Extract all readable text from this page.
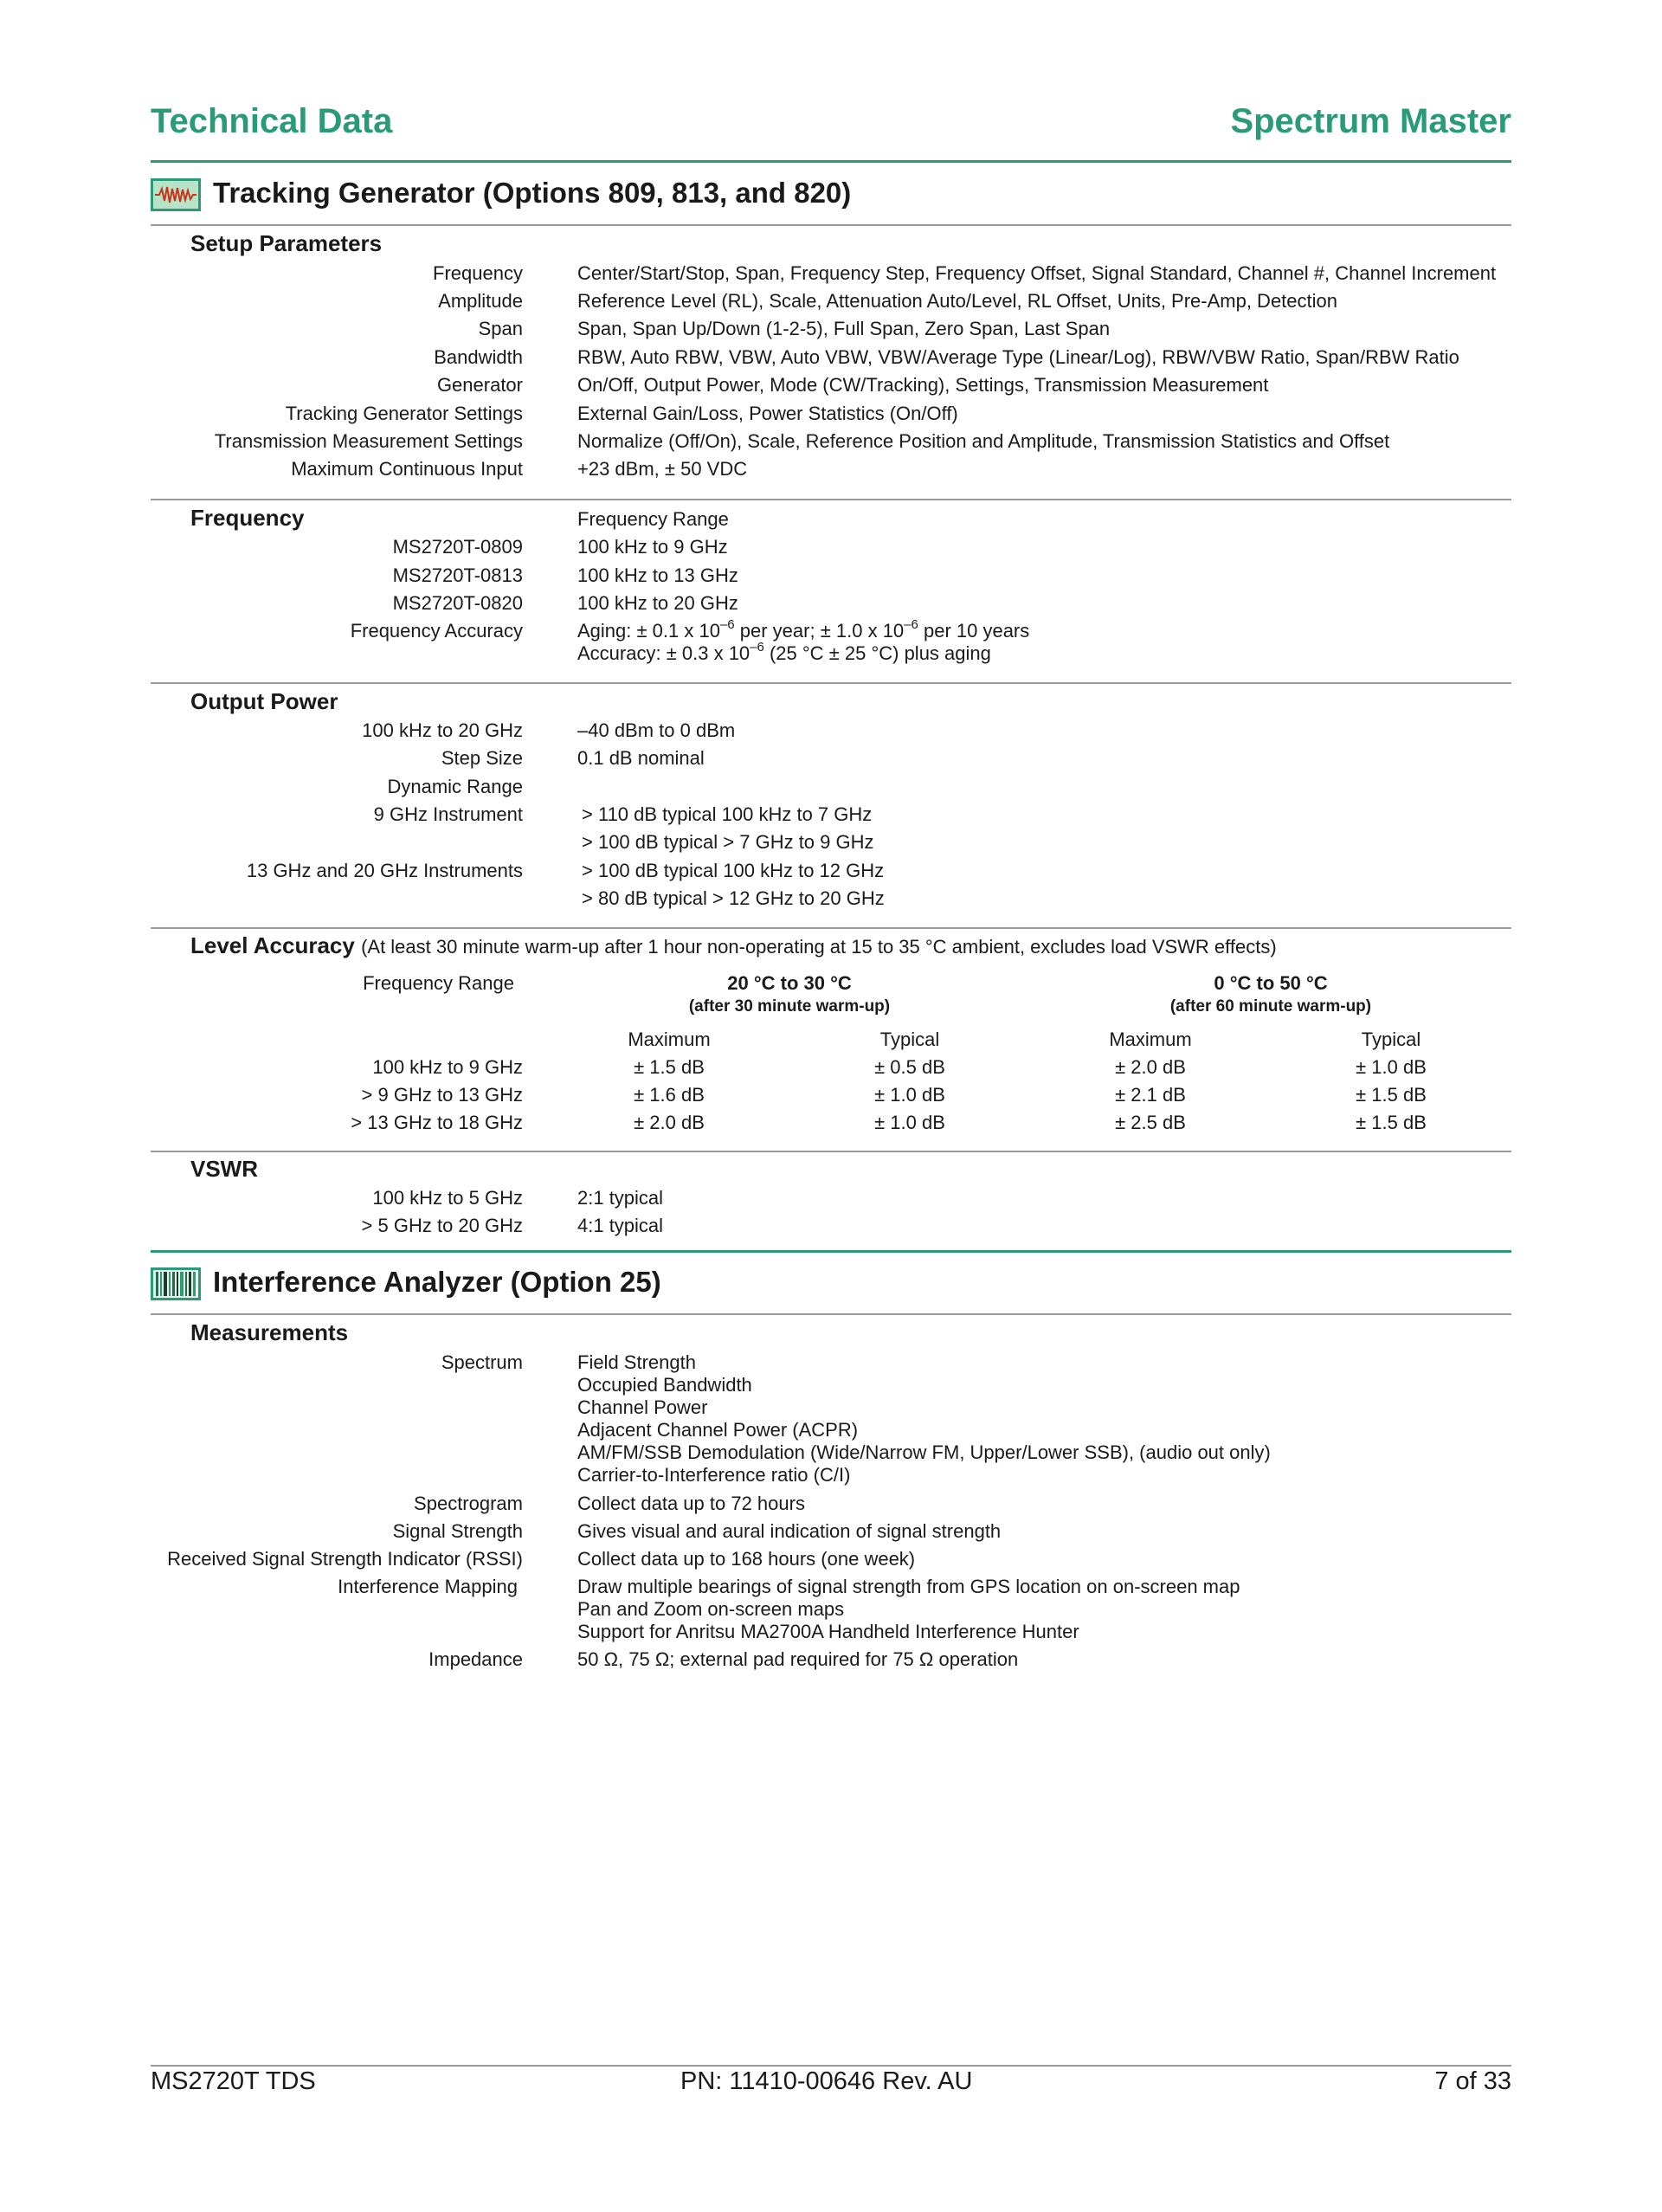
Technical Data	Spectrum Master
Tracking Generator (Options 809, 813, and 820)
Setup Parameters
Frequency	Center/Start/Stop, Span, Frequency Step, Frequency Offset, Signal Standard, Channel #, Channel Increment
Amplitude	Reference Level (RL), Scale, Attenuation Auto/Level, RL Offset, Units, Pre-Amp, Detection
Span	Span, Span Up/Down (1-2-5), Full Span, Zero Span, Last Span
Bandwidth	RBW, Auto RBW, VBW, Auto VBW, VBW/Average Type (Linear/Log), RBW/VBW Ratio, Span/RBW Ratio
Generator	On/Off, Output Power, Mode (CW/Tracking), Settings, Transmission Measurement
Tracking Generator Settings	External Gain/Loss, Power Statistics (On/Off)
Transmission Measurement Settings	Normalize (Off/On), Scale, Reference Position and Amplitude, Transmission Statistics and Offset
Maximum Continuous Input	+23 dBm, ± 50 VDC
Frequency	Frequency Range
MS2720T-0809	100 kHz to 9 GHz
MS2720T-0813	100 kHz to 13 GHz
MS2720T-0820	100 kHz to 20 GHz
Frequency Accuracy	Aging: ± 0.1 x $10^{-6}$ per year; ± 1.0 x $10^{-6}$ per 10 years
Accuracy: ± 0.3 x $10^{-6}$ (25 °C ± 25 °C) plus aging
Output Power
100 kHz to 20 GHz	–40 dBm to 0 dBm
Step Size	0.1 dB nominal
Dynamic Range
9 GHz Instrument	> 110 dB typical 100 kHz to 7 GHz
> 100 dB typical > 7 GHz to 9 GHz
13 GHz and 20 GHz Instruments	> 100 dB typical 100 kHz to 12 GHz
> 80 dB typical > 12 GHz to 20 GHz
Level Accuracy (At least 30 minute warm-up after 1 hour non-operating at 15 to 35 °C ambient, excludes load VSWR effects)
Frequency Range	20 °C to 30 °C
(after 30 minute warm-up)
0 °C to 50 °C
(after 60 minute warm-up)
Maximum	Typical	Maximum	Typical
100 kHz to 9 GHz	± 1.5 dB	± 0.5 dB	± 2.0 dB	± 1.0 dB
> 9 GHz to 13 GHz	± 1.6 dB	± 1.0 dB	± 2.1 dB	± 1.5 dB
> 13 GHz to 18 GHz	± 2.0 dB	± 1.0 dB	± 2.5 dB	± 1.5 dB
VSWR
100 kHz to 5 GHz	2:1 typical
> 5 GHz to 20 GHz	4:1 typical
Interference Analyzer (Option 25)
Measurements
Spectrum	Field Strength
Occupied Bandwidth
Channel Power
Adjacent Channel Power (ACPR)
AM/FM/SSB Demodulation (Wide/Narrow FM, Upper/Lower SSB), (audio out only)
Carrier-to-Interference ratio (C/I)
Spectrogram	Collect data up to 72 hours
Signal Strength	Gives visual and aural indication of signal strength
Received Signal Strength Indicator (RSSI)	Collect data up to 168 hours (one week)
Interference Mapping	Draw multiple bearings of signal strength from GPS location on on-screen map
Pan and Zoom on-screen maps
Support for Anritsu MA2700A Handheld Interference Hunter
Impedance	50 Ω, 75 Ω; external pad required for 75 Ω operation
MS2720T TDS	PN: 11410-00646 Rev. AU	7 of 33
